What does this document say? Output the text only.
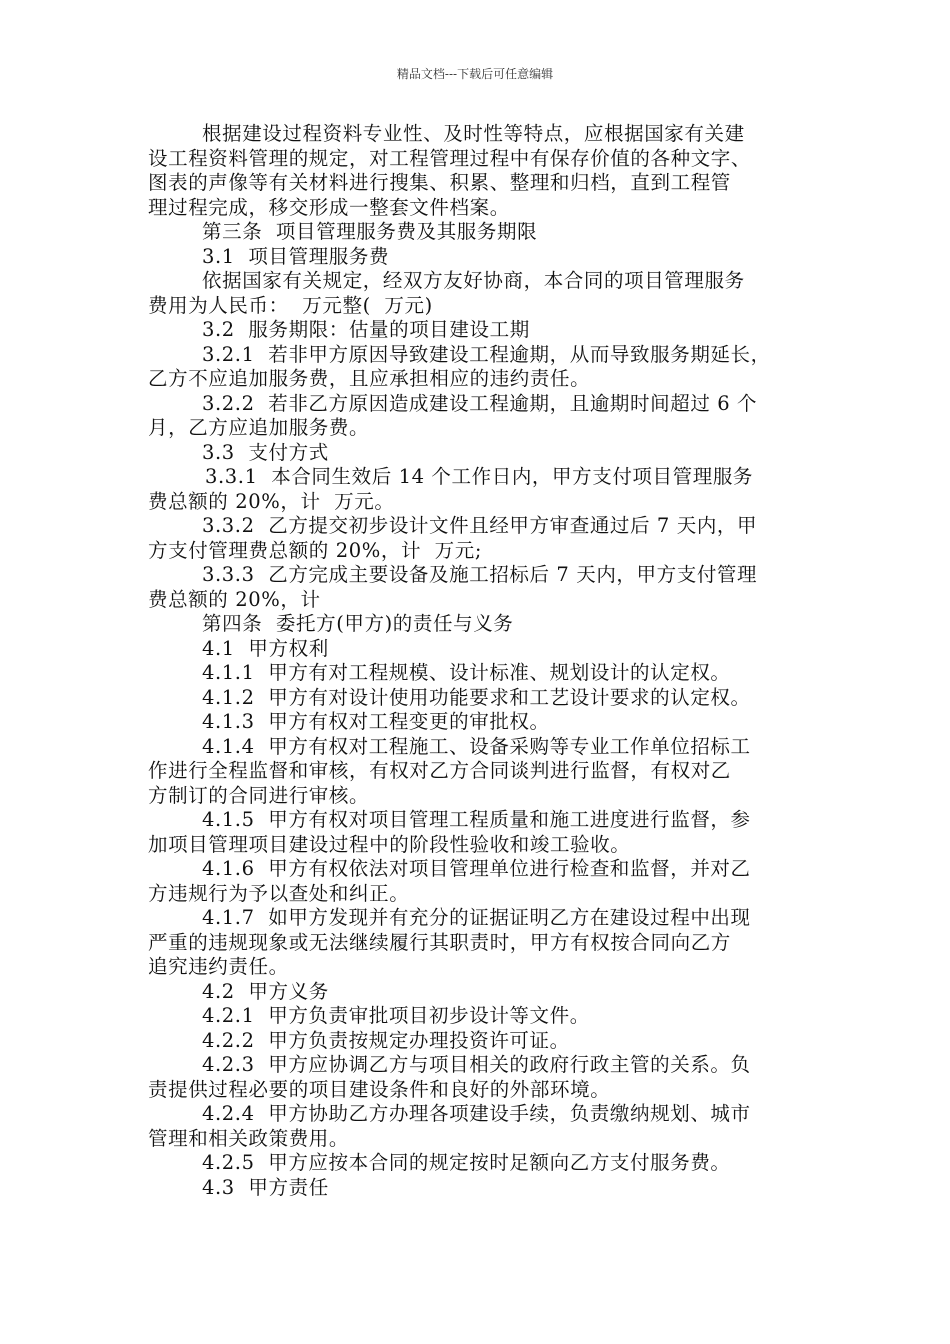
精品文档---下载后可任意编辑
根据建设过程资料专业性、及时性等特点，应根据国家有关建
设工程资料管理的规定，对工程管理过程中有保存价值的各种文字、
图表的声像等有关材料进行搜集、积累、整理和归档，直到工程管
理过程完成，移交形成一整套文件档案。
第三条  项目管理服务费及其服务期限
3.1  项目管理服务费
依据国家有关规定，经双方友好协商，本合同的项目管理服务
费用为人民币：  万元整(  万元)
3.2  服务期限：估量的项目建设工期
3.2.1  若非甲方原因导致建设工程逾期，从而导致服务期延长，
乙方不应追加服务费，且应承担相应的违约责任。
3.2.2  若非乙方原因造成建设工程逾期，且逾期时间超过 6 个
月，乙方应追加服务费。
3.3  支付方式
3.3.1  本合同生效后 14 个工作日内，甲方支付项目管理服务
费总额的 20%，计  万元。
3.3.2  乙方提交初步设计文件且经甲方审查通过后 7 天内，甲
方支付管理费总额的 20%，计  万元;
3.3.3  乙方完成主要设备及施工招标后 7 天内，甲方支付管理
费总额的 20%，计
第四条  委托方(甲方)的责任与义务
4.1  甲方权利
4.1.1  甲方有对工程规模、设计标准、规划设计的认定权。
4.1.2  甲方有对设计使用功能要求和工艺设计要求的认定权。
4.1.3  甲方有权对工程变更的审批权。
4.1.4  甲方有权对工程施工、设备采购等专业工作单位招标工
作进行全程监督和审核，有权对乙方合同谈判进行监督，有权对乙
方制订的合同进行审核。
4.1.5  甲方有权对项目管理工程质量和施工进度进行监督，参
加项目管理项目建设过程中的阶段性验收和竣工验收。
4.1.6  甲方有权依法对项目管理单位进行检查和监督，并对乙
方违规行为予以查处和纠正。
4.1.7  如甲方发现并有充分的证据证明乙方在建设过程中出现
严重的违规现象或无法继续履行其职责时，甲方有权按合同向乙方
追究违约责任。
4.2  甲方义务
4.2.1  甲方负责审批项目初步设计等文件。
4.2.2  甲方负责按规定办理投资许可证。
4.2.3  甲方应协调乙方与项目相关的政府行政主管的关系。负
责提供过程必要的项目建设条件和良好的外部环境。
4.2.4  甲方协助乙方办理各项建设手续，负责缴纳规划、城市
管理和相关政策费用。
4.2.5  甲方应按本合同的规定按时足额向乙方支付服务费。
4.3  甲方责任
